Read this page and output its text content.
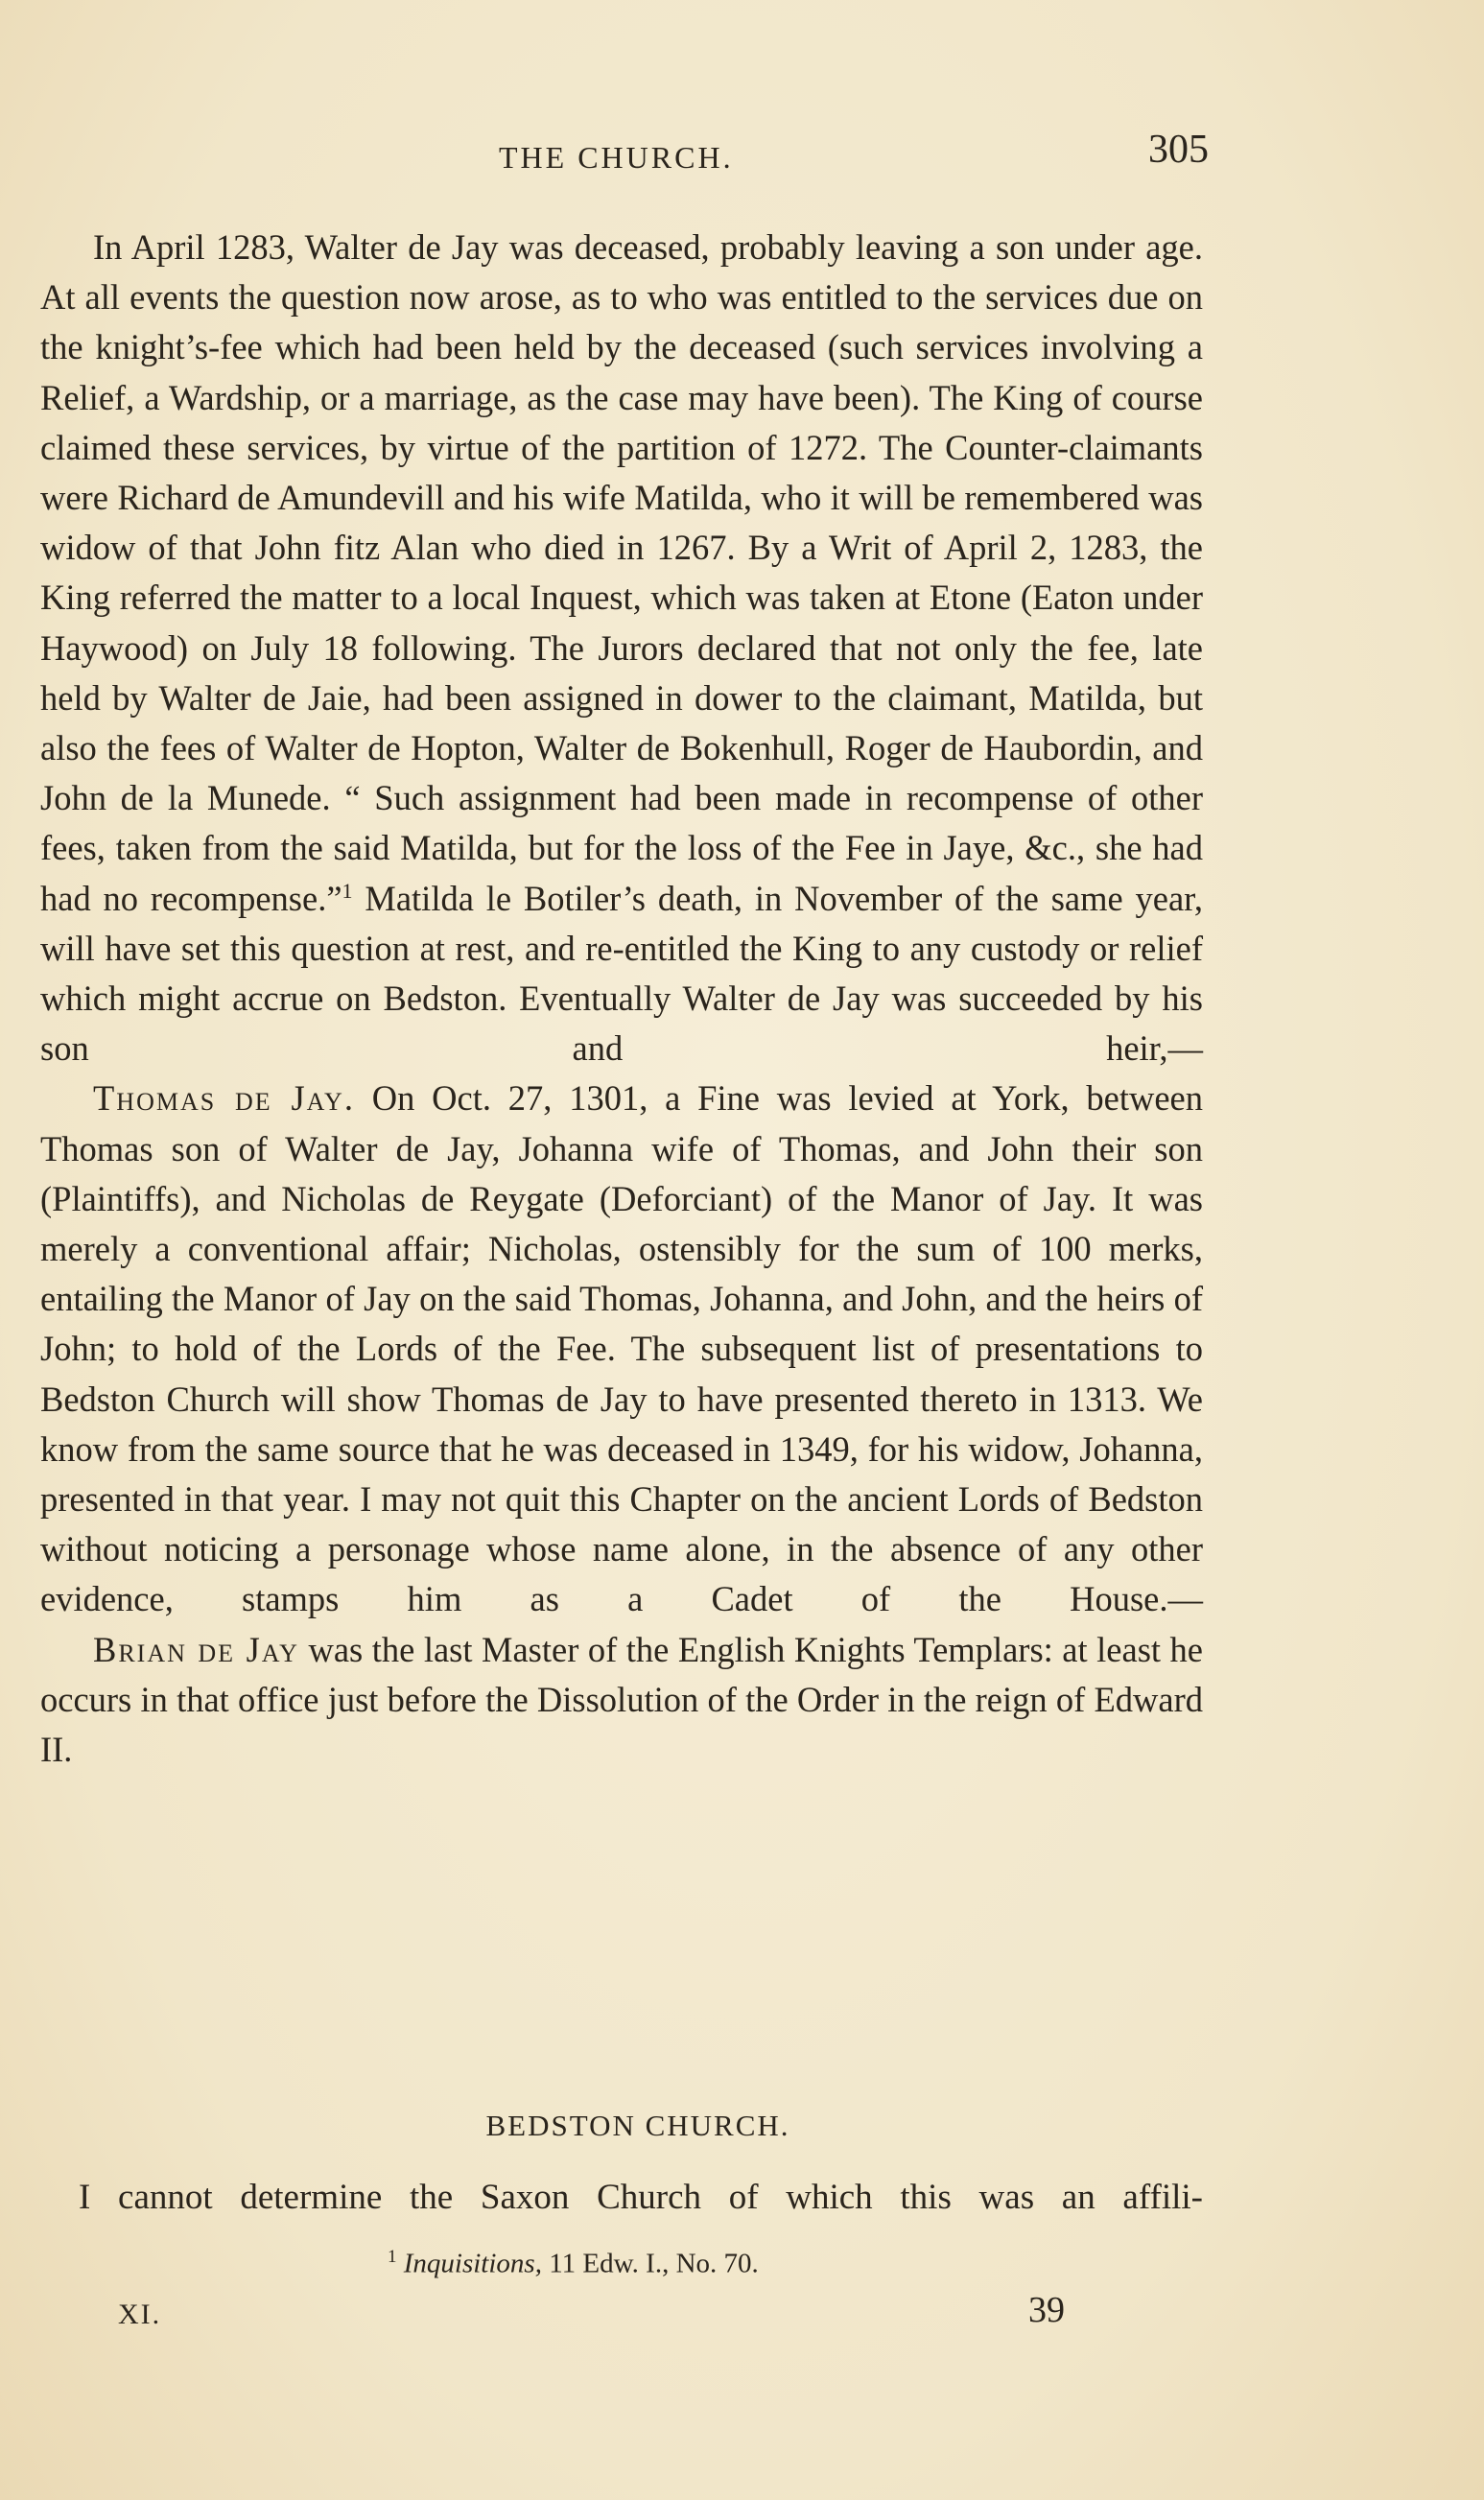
THE CHURCH.	305

In April 1283, Walter de Jay was deceased, probably leaving a son under age. At all events the question now arose, as to who was entitled to the services due on the knight’s-fee which had been held by the deceased (such services involving a Relief, a Wardship, or a marriage, as the case may have been). The King of course claimed these services, by virtue of the partition of 1272. The Counter-claimants were Richard de Amundevill and his wife Matilda, who it will be remembered was widow of that John fitz Alan who died in 1267. By a Writ of April 2, 1283, the King referred the matter to a local Inquest, which was taken at Etone (Eaton under Haywood) on July 18 following. The Jurors declared that not only the fee, late held by Walter de Jaie, had been assigned in dower to the claimant, Matilda, but also the fees of Walter de Hopton, Walter de Bokenhull, Roger de Haubordin, and John de la Munede. “ Such assignment had been made in recompense of other fees, taken from the said Matilda, but for the loss of the Fee in Jaye, &c., she had had no recompense.”$^1$ Matilda le Botiler’s death, in November of the same year, will have set this question at rest, and re-entitled the King to any custody or relief which might accrue on Bedston. Eventually Walter de Jay was succeeded by his son and heir,—

Thomas de Jay. On Oct. 27, 1301, a Fine was levied at York, between Thomas son of Walter de Jay, Johanna wife of Thomas, and John their son (Plaintiffs), and Nicholas de Reygate (Deforciant) of the Manor of Jay. It was merely a conventional affair; Nicholas, ostensibly for the sum of 100 merks, entailing the Manor of Jay on the said Thomas, Johanna, and John, and the heirs of John; to hold of the Lords of the Fee. The subsequent list of presentations to Bedston Church will show Thomas de Jay to have presented thereto in 1313. We know from the same source that he was deceased in 1349, for his widow, Johanna, presented in that year. I may not quit this Chapter on the ancient Lords of Bedston without noticing a personage whose name alone, in the absence of any other evidence, stamps him as a Cadet of the House.—

Brian de Jay was the last Master of the English Knights Templars: at least he occurs in that office just before the Dissolution of the Order in the reign of Edward II.

BEDSTON CHURCH.

I cannot determine the Saxon Church of which this was an affili-

$^1$ Inquisitions, 11 Edw. I., No. 70.
XI.	39
